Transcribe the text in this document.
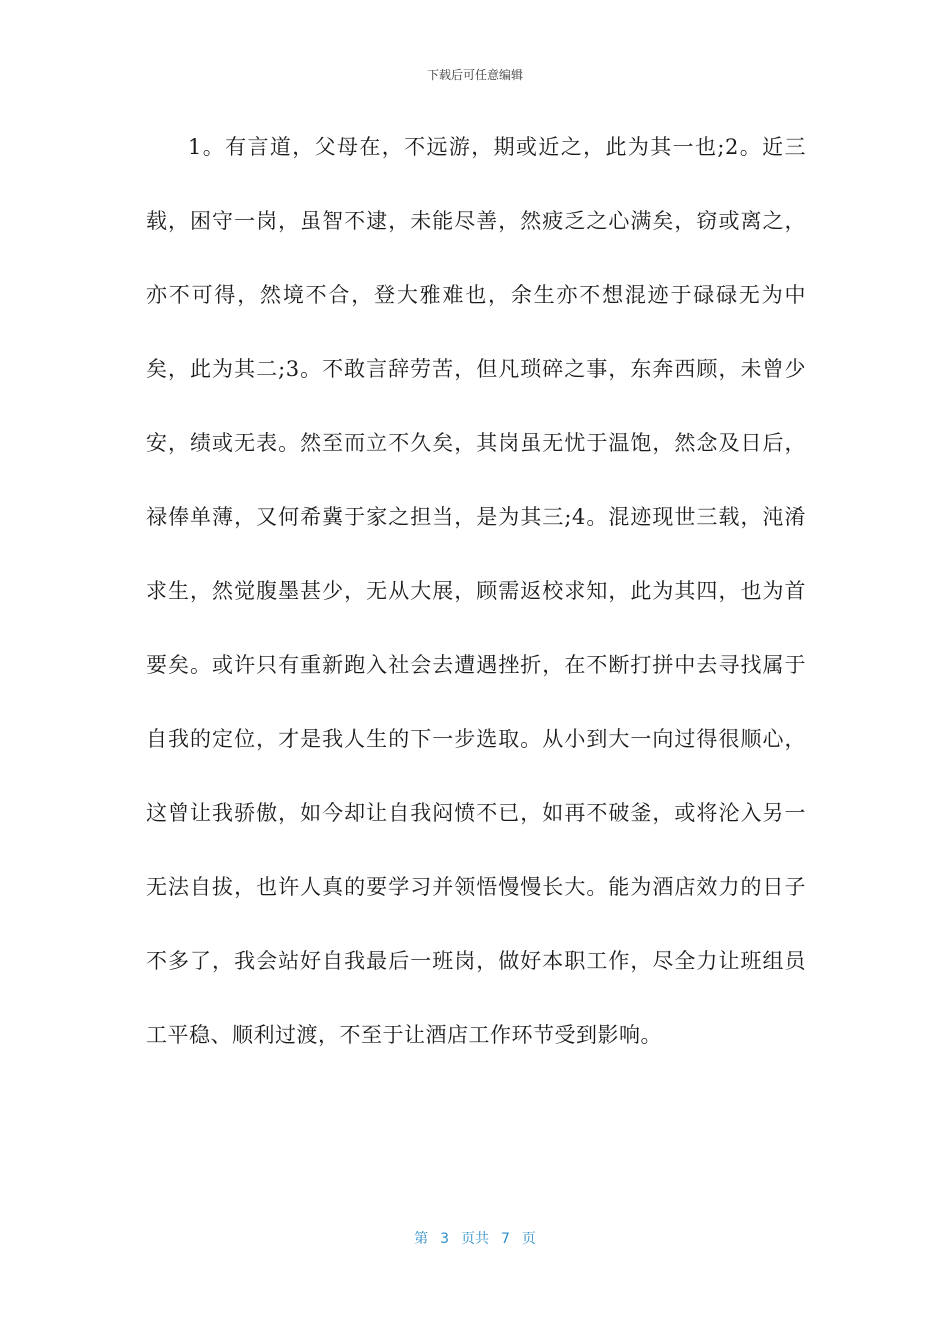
下载后可任意编辑

1。有言道，父母在，不远游，期或近之，此为其一也;2。近三载，困守一岗，虽智不逮，未能尽善，然疲乏之心满矣，窃或离之，亦不可得，然境不合，登大雅难也，余生亦不想混迹于碌碌无为中矣，此为其二;3。不敢言辞劳苦，但凡琐碎之事，东奔西顾，未曾少安，绩或无表。然至而立不久矣，其岗虽无忧于温饱，然念及日后，禄俸单薄，又何希冀于家之担当，是为其三;4。混迹现世三载，沌淆求生，然觉腹墨甚少，无从大展，顾需返校求知，此为其四，也为首要矣。或许只有重新跑入社会去遭遇挫折，在不断打拼中去寻找属于自我的定位，才是我人生的下一步选取。从小到大一向过得很顺心，这曾让我骄傲，如今却让自我闷愤不已，如再不破釜，或将沦入另一无法自拔，也许人真的要学习并领悟慢慢长大。能为酒店效力的日子不多了，我会站好自我最后一班岗，做好本职工作，尽全力让班组员工平稳、顺利过渡，不至于让酒店工作环节受到影响。

第 3 页共 7 页
